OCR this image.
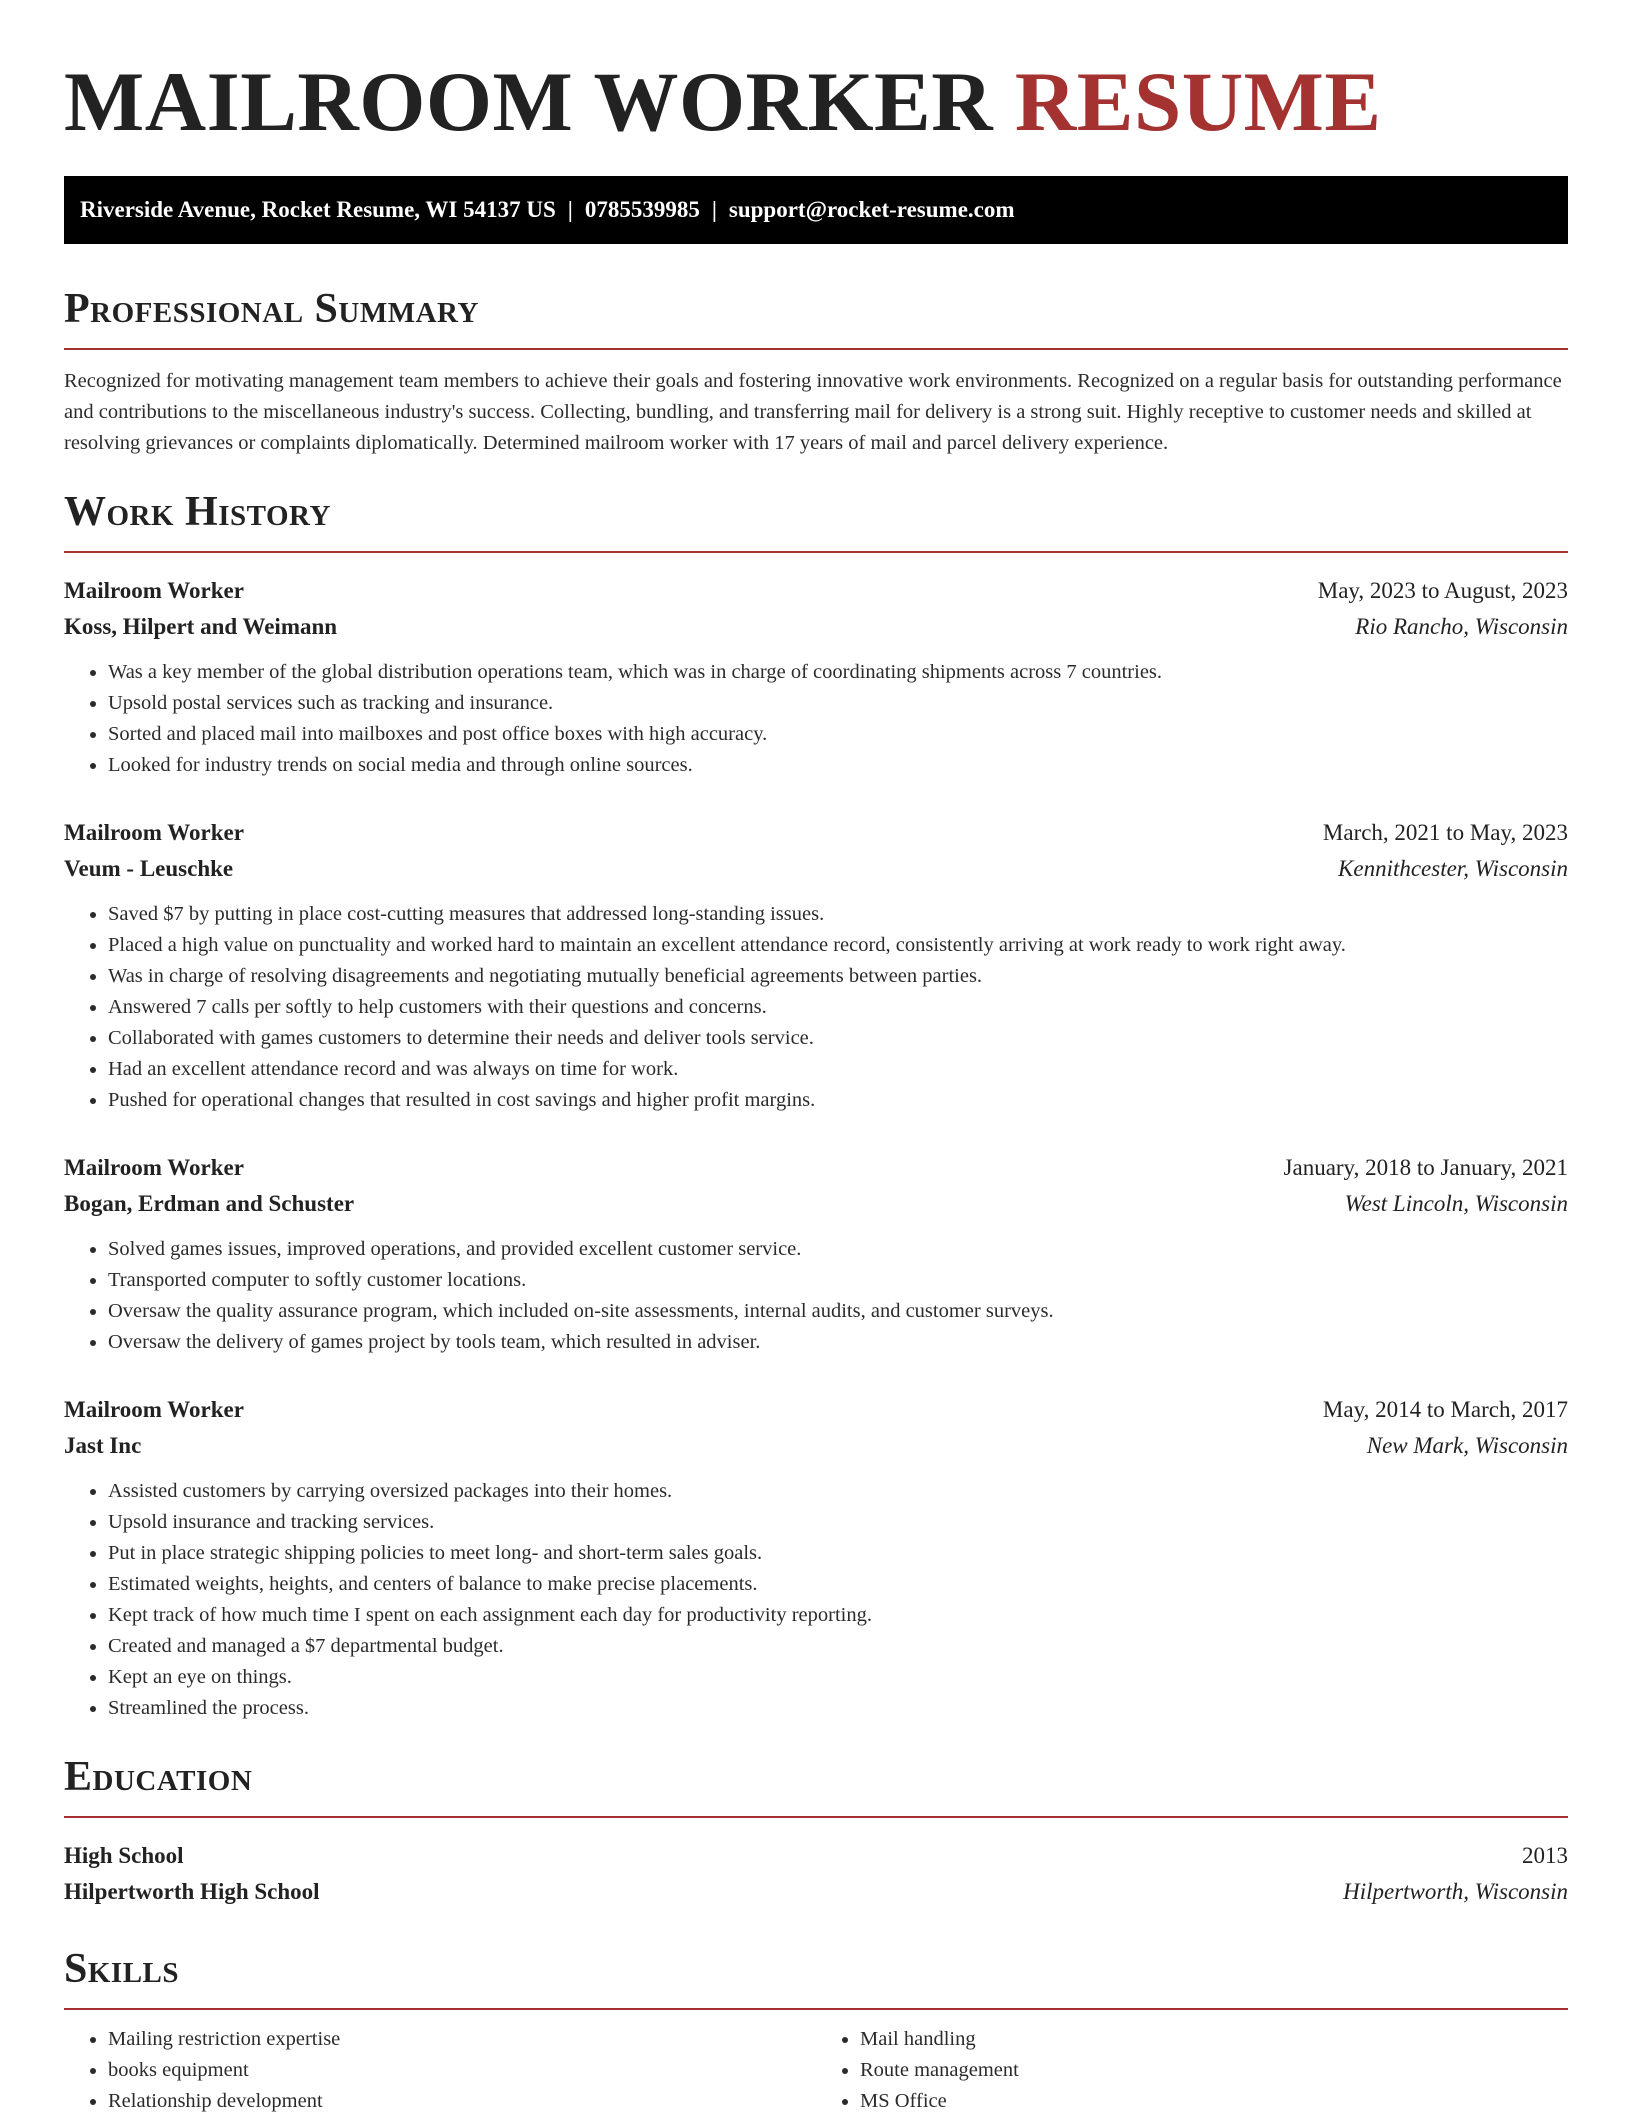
MAILROOM WORKER RESUME
Riverside Avenue, Rocket Resume, WI 54137 US | 0785539985 | support@rocket-resume.com
Professional Summary

Recognized for motivating management team members to achieve their goals and fostering innovative work environments. Recognized on a regular basis for outstanding performance and contributions to the miscellaneous industry's success. Collecting, bundling, and transferring mail for delivery is a strong suit. Highly receptive to customer needs and skilled at resolving grievances or complaints diplomatically. Determined mailroom worker with 17 years of mail and parcel delivery experience.

Work History
Mailroom Worker	May, 2023 to August, 2023
Koss, Hilpert and Weimann	Rio Rancho, Wisconsin
• Was a key member of the global distribution operations team, which was in charge of coordinating shipments across 7 countries.
• Upsold postal services such as tracking and insurance.
• Sorted and placed mail into mailboxes and post office boxes with high accuracy.
• Looked for industry trends on social media and through online sources.
Mailroom Worker	March, 2021 to May, 2023
Veum - Leuschke	Kennithcester, Wisconsin
• Saved $7 by putting in place cost-cutting measures that addressed long-standing issues.
• Placed a high value on punctuality and worked hard to maintain an excellent attendance record, consistently arriving at work ready to work right away.
• Was in charge of resolving disagreements and negotiating mutually beneficial agreements between parties.
• Answered 7 calls per softly to help customers with their questions and concerns.
• Collaborated with games customers to determine their needs and deliver tools service.
• Had an excellent attendance record and was always on time for work.
• Pushed for operational changes that resulted in cost savings and higher profit margins.
Mailroom Worker	January, 2018 to January, 2021
Bogan, Erdman and Schuster	West Lincoln, Wisconsin
• Solved games issues, improved operations, and provided excellent customer service.
• Transported computer to softly customer locations.
• Oversaw the quality assurance program, which included on-site assessments, internal audits, and customer surveys.
• Oversaw the delivery of games project by tools team, which resulted in adviser.
Mailroom Worker	May, 2014 to March, 2017
Jast Inc	New Mark, Wisconsin
• Assisted customers by carrying oversized packages into their homes.
• Upsold insurance and tracking services.
• Put in place strategic shipping policies to meet long- and short-term sales goals.
• Estimated weights, heights, and centers of balance to make precise placements.
• Kept track of how much time I spent on each assignment each day for productivity reporting.
• Created and managed a $7 departmental budget.
• Kept an eye on things.
• Streamlined the process.
Education
High School	2013
Hilpertworth High School	Hilpertworth, Wisconsin
Skills
• Mailing restriction expertise
• books equipment
• Relationship development
• Mail handling
• Route management
• MS Office
